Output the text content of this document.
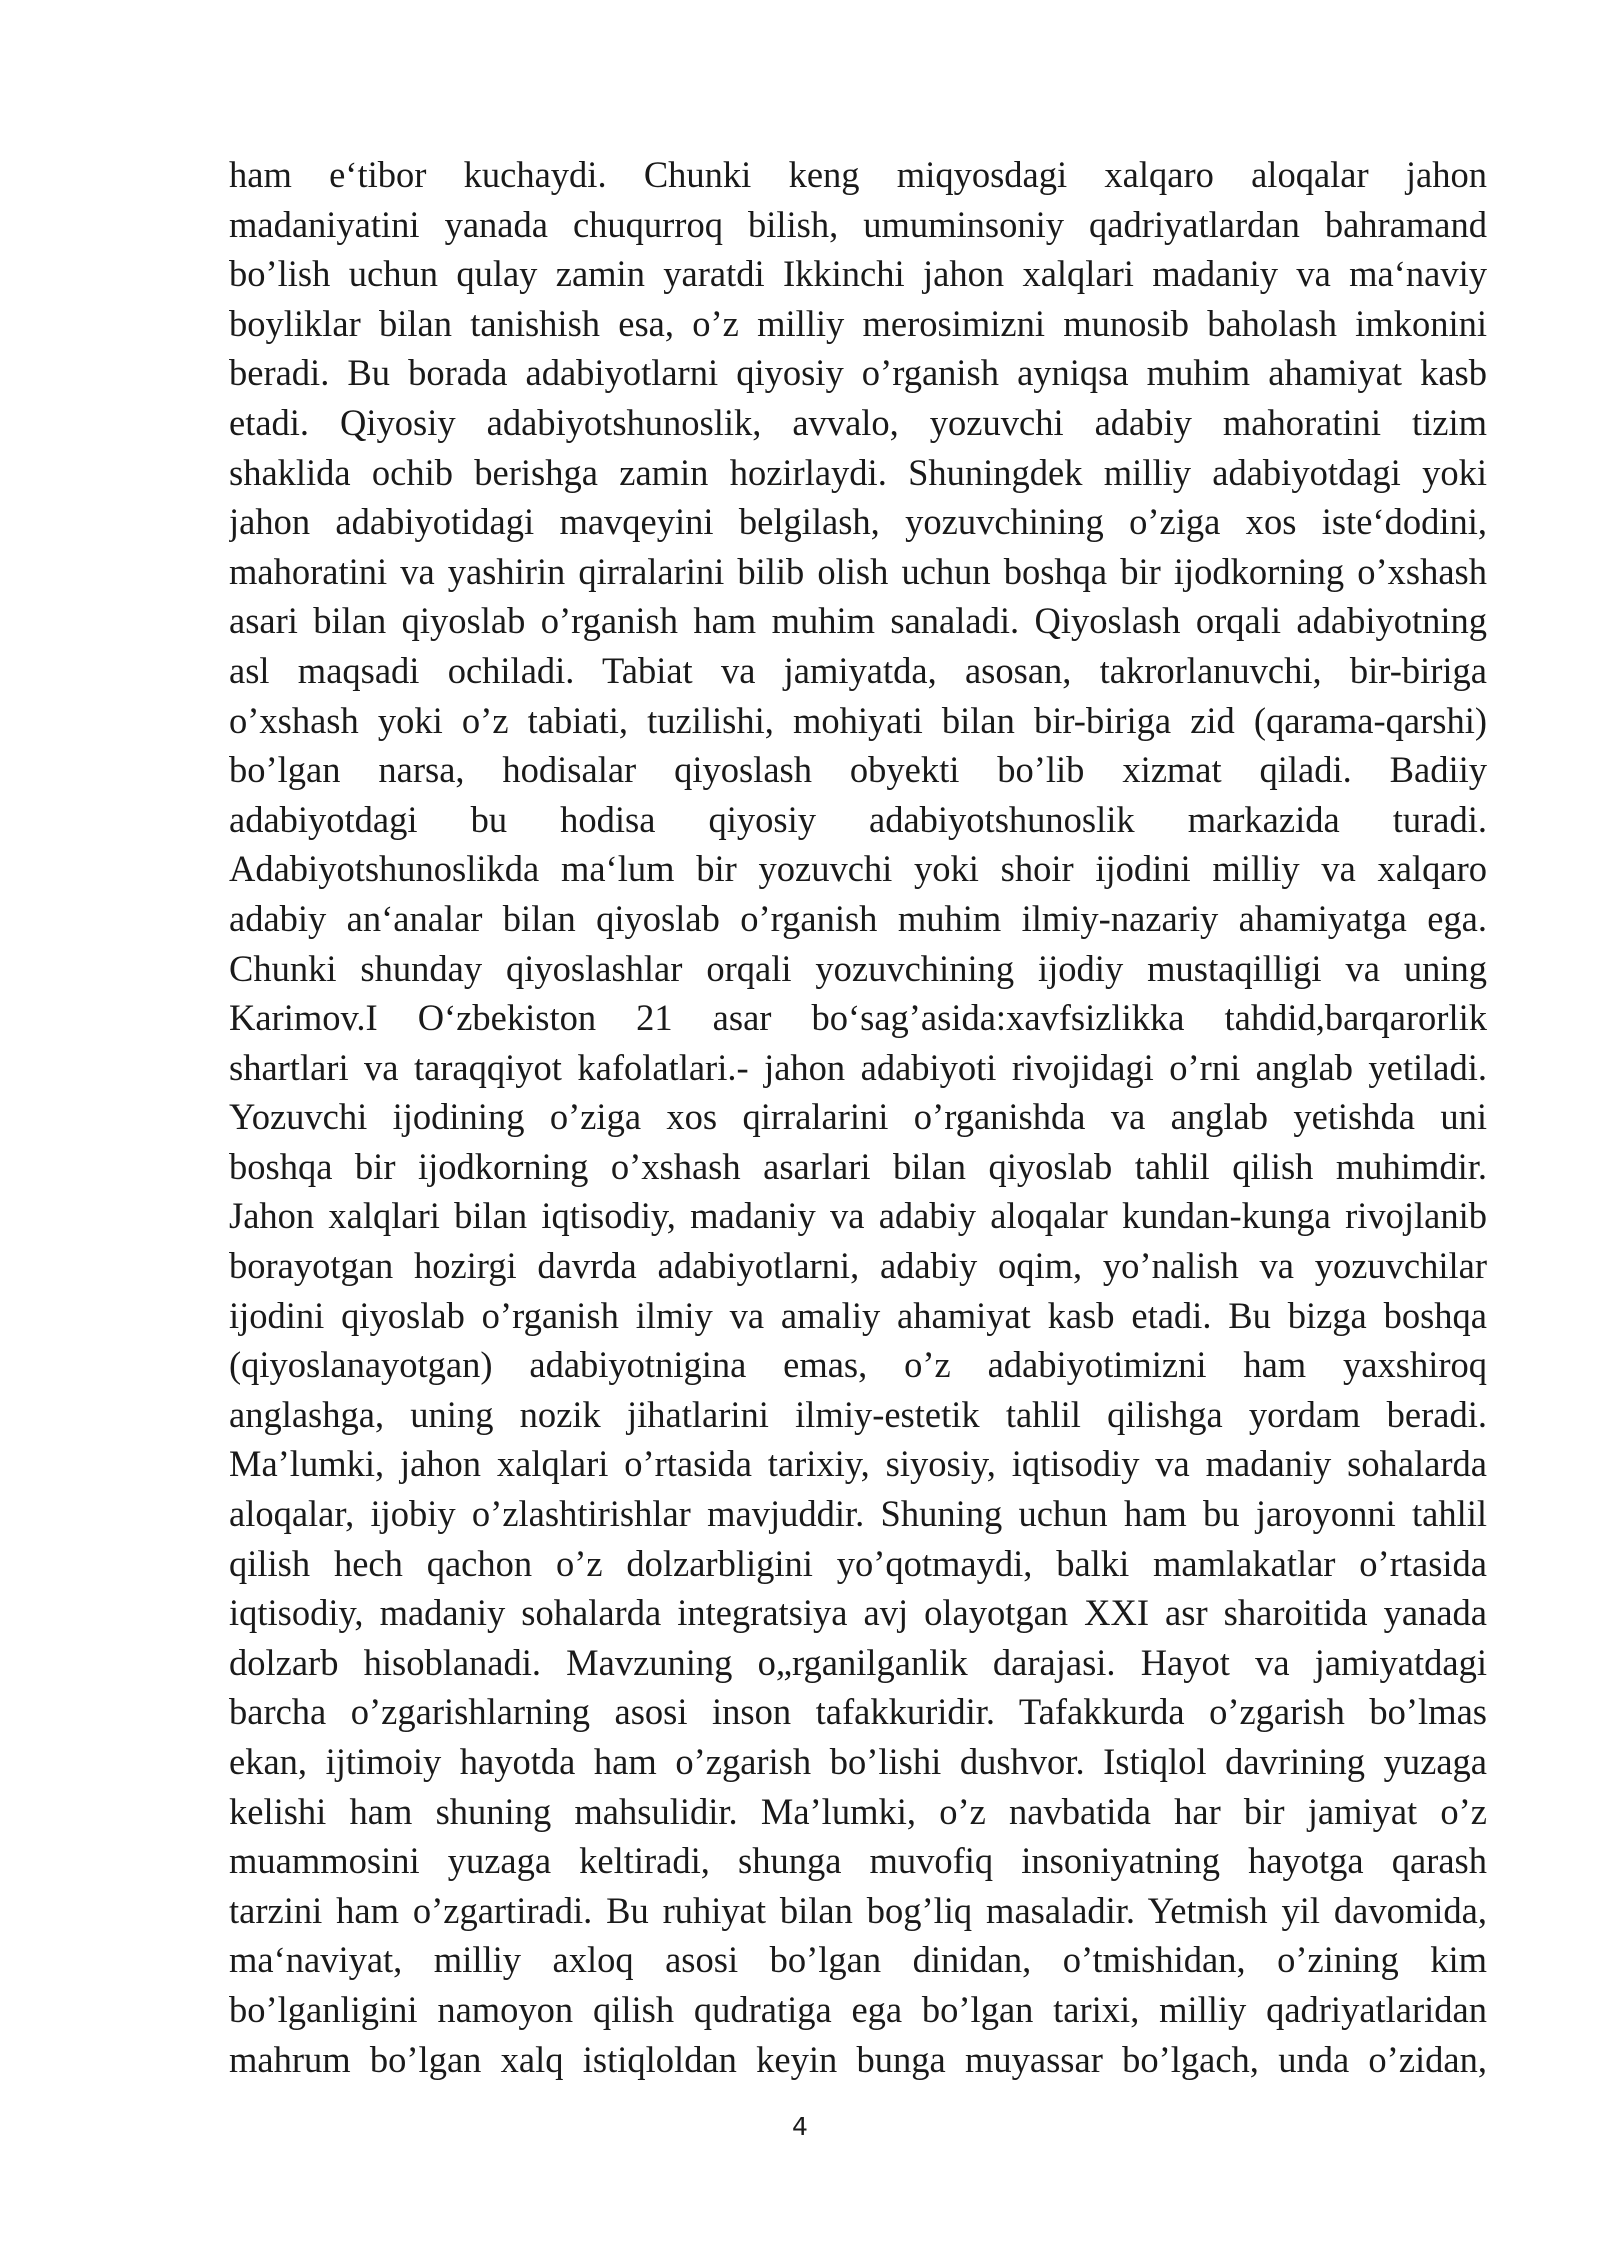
ham e‘tibor kuchaydi. Chunki keng miqyosdagi xalqaro aloqalar jahon
madaniyatini yanada chuqurroq bilish, umuminsoniy qadriyatlardan bahramand
bo’lish uchun qulay zamin yaratdi Ikkinchi jahon xalqlari madaniy va ma‘naviy
boyliklar bilan tanishish esa, o’z milliy merosimizni munosib baholash imkonini
beradi. Bu borada adabiyotlarni qiyosiy o’rganish ayniqsa muhim ahamiyat kasb
etadi. Qiyosiy adabiyotshunoslik, avvalo, yozuvchi adabiy mahoratini tizim
shaklida ochib berishga zamin hozirlaydi. Shuningdek milliy adabiyotdagi yoki
jahon adabiyotidagi mavqeyini belgilash, yozuvchining o’ziga xos iste‘dodini,
mahoratini va yashirin qirralarini bilib olish uchun boshqa bir ijodkorning o’xshash
asari bilan qiyoslab o’rganish ham muhim sanaladi. Qiyoslash orqali adabiyotning
asl maqsadi ochiladi. Tabiat va jamiyatda, asosan, takrorlanuvchi, bir-biriga
o’xshash yoki o’z tabiati, tuzilishi, mohiyati bilan bir-biriga zid (qarama-qarshi)
bo’lgan narsa, hodisalar qiyoslash obyekti bo’lib xizmat qiladi. Badiiy
adabiyotdagi bu hodisa qiyosiy adabiyotshunoslik markazida turadi.
Adabiyotshunoslikda ma‘lum bir yozuvchi yoki shoir ijodini milliy va xalqaro
adabiy an‘analar bilan qiyoslab o’rganish muhim ilmiy-nazariy ahamiyatga ega.
Chunki shunday qiyoslashlar orqali yozuvchining ijodiy mustaqilligi va uning
Karimov.I O‘zbekiston 21 asar bo‘sag’asida:xavfsizlikka tahdid,barqarorlik
shartlari va taraqqiyot kafolatlari.- jahon adabiyoti rivojidagi o’rni anglab yetiladi.
Yozuvchi ijodining o’ziga xos qirralarini o’rganishda va anglab yetishda uni
boshqa bir ijodkorning o’xshash asarlari bilan qiyoslab tahlil qilish muhimdir.
Jahon xalqlari bilan iqtisodiy, madaniy va adabiy aloqalar kundan-kunga rivojlanib
borayotgan hozirgi davrda adabiyotlarni, adabiy oqim, yo’nalish va yozuvchilar
ijodini qiyoslab o’rganish ilmiy va amaliy ahamiyat kasb etadi. Bu bizga boshqa
(qiyoslanayotgan) adabiyotnigina emas, o’z adabiyotimizni ham yaxshiroq
anglashga, uning nozik jihatlarini ilmiy-estetik tahlil qilishga yordam beradi.
Ma’lumki, jahon xalqlari o’rtasida tarixiy, siyosiy, iqtisodiy va madaniy sohalarda
aloqalar, ijobiy o’zlashtirishlar mavjuddir. Shuning uchun ham bu jaroyonni tahlil
qilish hech qachon o’z dolzarbligini yo’qotmaydi, balki mamlakatlar o’rtasida
iqtisodiy, madaniy sohalarda integratsiya avj olayotgan XXI asr sharoitida yanada
dolzarb hisoblanadi. Mavzuning o„rganilganlik darajasi. Hayot va jamiyatdagi
barcha o’zgarishlarning asosi inson tafakkuridir. Tafakkurda o’zgarish bo’lmas
ekan, ijtimoiy hayotda ham o’zgarish bo’lishi dushvor. Istiqlol davrining yuzaga
kelishi ham shuning mahsulidir. Ma’lumki, o’z navbatida har bir jamiyat o’z
muammosini yuzaga keltiradi, shunga muvofiq insoniyatning hayotga qarash
tarzini ham o’zgartiradi. Bu ruhiyat bilan bog’liq masaladir. Yetmish yil davomida,
ma‘naviyat, milliy axloq asosi bo’lgan dinidan, o’tmishidan, o’zining kim
bo’lganligini namoyon qilish qudratiga ega bo’lgan tarixi, milliy qadriyatlaridan
mahrum bo’lgan xalq istiqloldan keyin bunga muyassar bo’lgach, unda o’zidan,
4
